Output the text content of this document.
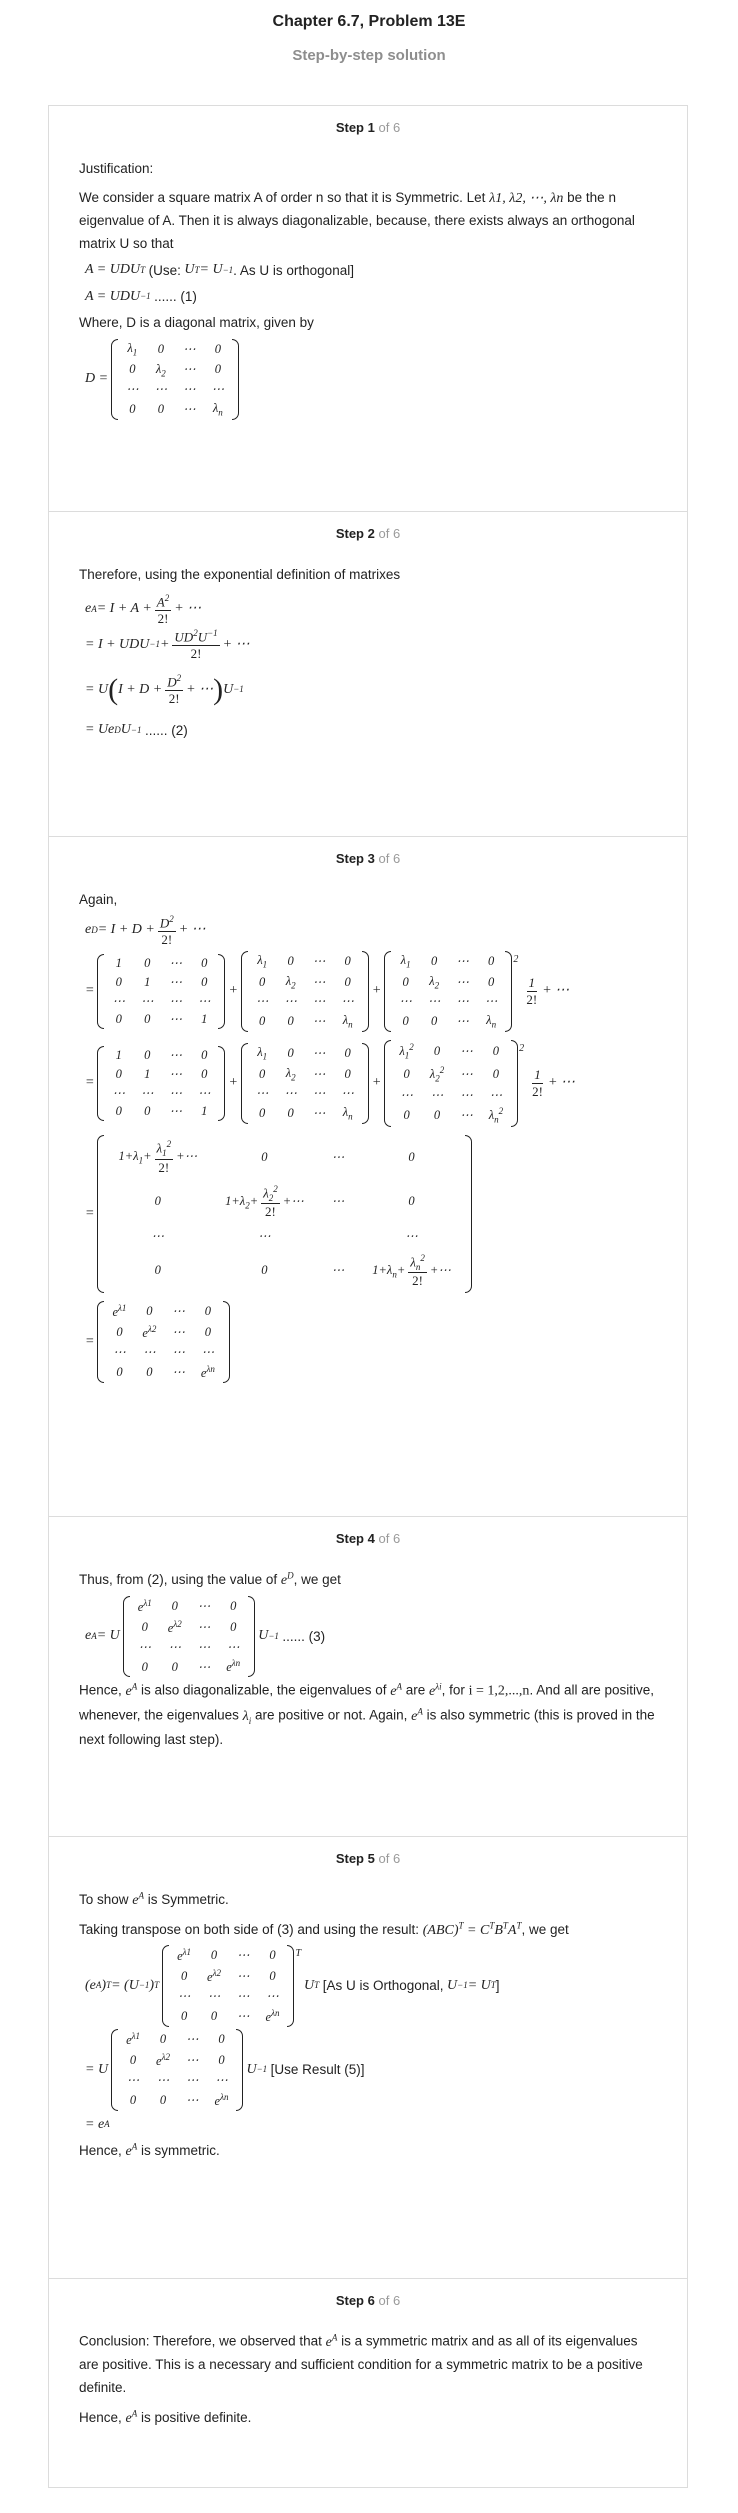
Chapter 6.7, Problem 13E
Step-by-step solution
Step 1 of 6

Justification:

We consider a square matrix A of order n so that it is Symmetric. Let λ1, λ2, ⋯, λn be the n eigenvalue of A. Then it is always diagonalizable, because, there exists always an orthogonal matrix U so that

A = UDU T
(Use: U T = U −1 . As U is orthogonal]
A = UDU −1
...... (1)

Where, D is a diagonal matrix, given by

D =
$\lambda_1$	0	⋯	0
0	$\lambda_2$	⋯	0
⋯	⋯	⋯	⋯
0	0	⋯	$\lambda_n$
Step 2 of 6

Therefore, using the exponential definition of matrixes

e $A = I + A + \frac{A^2}{2!}$ + ⋯
= I + UDU $-1 + \frac{UD^2U^{-1}}{2!}$ + ⋯
= U ( $I + D + \frac{D^2}{2!}$ + ⋯ ) U −1
= Ue D U −1
...... (2)
Step 3 of 6

Again,

e $D = I + D + \frac{D^2}{2!}$ + ⋯
=
1	0	⋯	0
0	1	⋯	0
⋯	⋯	⋯	⋯
0	0	⋯	1
+
$\lambda_1$	0	⋯	0
0	$\lambda_2$	⋯	0
⋯	⋯	⋯	⋯
0	0	⋯	$\lambda_n$
+
$\lambda_1$	0	⋯	0
0	$\lambda_2$	⋯	0
⋯	⋯	⋯	⋯
0	0	⋯	$\lambda_n$
2
$\frac{1}{2!}$ + ⋯
=
1	0	⋯	0
0	1	⋯	0
⋯	⋯	⋯	⋯
0	0	⋯	1
+
$\lambda_1$	0	⋯	0
0	$\lambda_2$	⋯	0
⋯	⋯	⋯	⋯
0	0	⋯	$\lambda_n$
+
$\lambda_1^2$	0	⋯	0
0	$\lambda_2^2$	⋯	0
⋯	⋯	⋯	⋯
0	0	⋯	$\lambda_n^2$
2
$\frac{1}{2!}$ + ⋯
=
$1+\lambda_1+ \frac{\lambda_1^2}{2!}$ +⋯	0	⋯	0
0	$1+\lambda_2+ \frac{\lambda_2^2}{2!}$ +⋯	⋯	0
⋯	⋯		⋯
0	0	⋯	$1+\lambda_n+ \frac{\lambda_n^2}{2!}$ +⋯
=
$e^{\lambda 1}$	0	⋯	0
0	$e^{\lambda 2}$	⋯	0
⋯	⋯	⋯	⋯
0	0	⋯	$e^{\lambda n}$
Step 4 of 6

Thus, from (2), using the value of $e^D$, we get

e A = U
$e^{\lambda 1}$	0	⋯	0
0	$e^{\lambda 2}$	⋯	0
⋯	⋯	⋯	⋯
0	0	⋯	$e^{\lambda n}$
U −1
...... (3)

Hence, $e^A$ is also diagonalizable, the eigenvalues of $e^A$ are $e^{\lambda i}$, for i = 1,2,...,n. And all are positive, whenever, the eigenvalues $\lambda_i$ are positive or not. Again, $e^A$ is also symmetric (this is proved in the next following last step).

Step 5 of 6

To show $e^A$ is Symmetric.

Taking transpose on both side of (3) and using the result: $(ABC)^T = C^TB^TA^T$, we get

(e A ) T = (U −1 ) T
$e^{\lambda 1}$	0	⋯	0
0	$e^{\lambda 2}$	⋯	0
⋯	⋯	⋯	⋯
0	0	⋯	$e^{\lambda n}$
T
U T
[As U is Orthogonal, U −1 = U T ]
= U
$e^{\lambda 1}$	0	⋯	0
0	$e^{\lambda 2}$	⋯	0
⋯	⋯	⋯	⋯
0	0	⋯	$e^{\lambda n}$
U −1
[Use Result (5)]
= e A

Hence, $e^A$ is symmetric.

Step 6 of 6

Conclusion: Therefore, we observed that $e^A$ is a symmetric matrix and as all of its eigenvalues are positive. This is a necessary and sufficient condition for a symmetric matrix to be a positive definite.

Hence, $e^A$ is positive definite.
